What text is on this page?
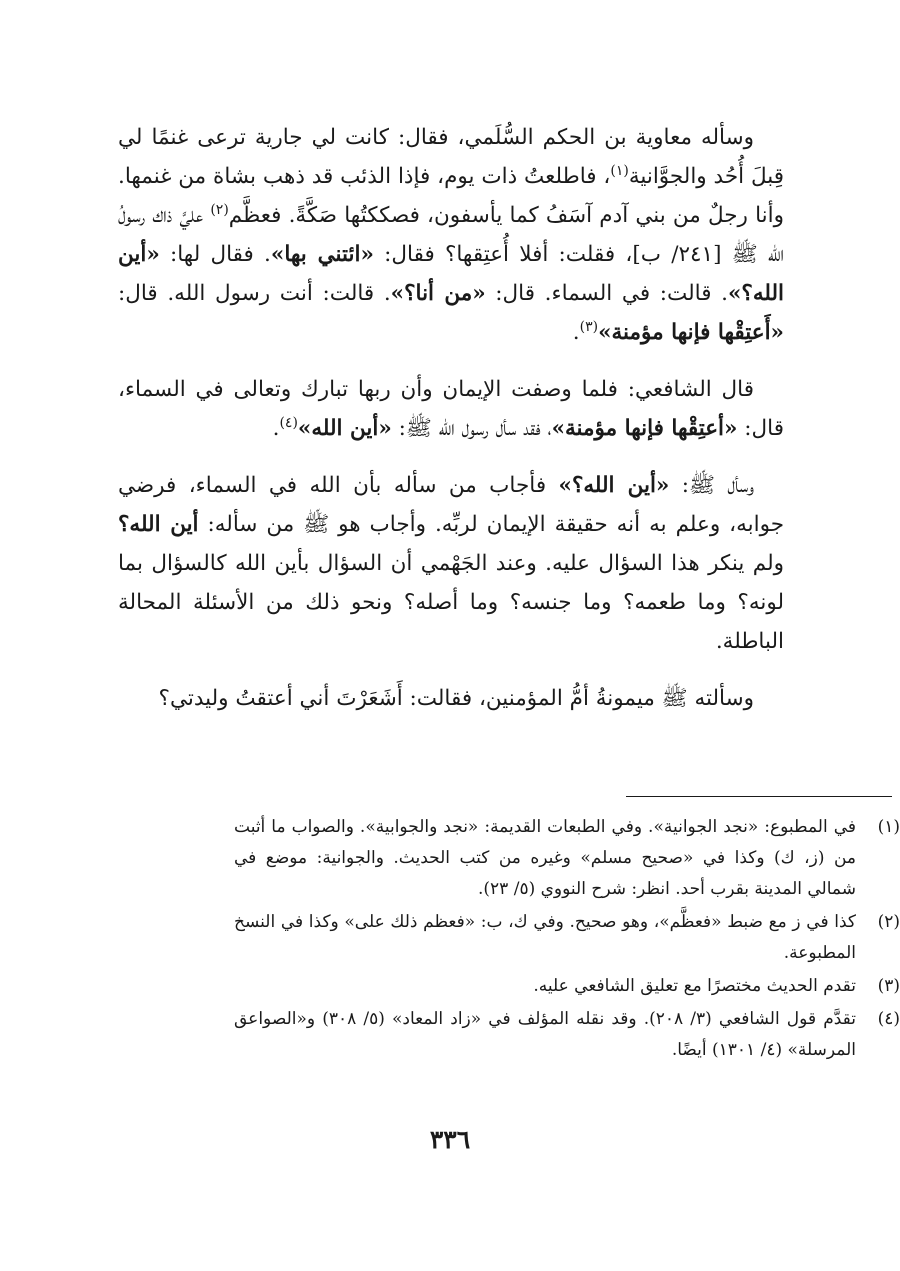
وسأله معاوية بن الحكم السُّلَمي، فقال: كانت لي جارية ترعى غنمًا لي قِبلَ أُحُد والجوَّانية$^{(١)}$، فاطلعتُ ذات يوم، فإذا الذئب قد ذهب بشاة من غنمها. وأنا رجلٌ من بني آدم آسَفُ كما يأسفون، فصككتُها صَكَّةً. فعظَّم$^{(٢)}$ عليَّ ذاك رسولُ الله ﷺ [٢٤١/ ب]، فقلت: أفلا أُعتِقها؟ فقال: «ائتني بها». فقال لها: «أين الله؟». قالت: في السماء. قال: «من أنا؟». قالت: أنت رسول الله. قال: «أَعتِقْها فإنها مؤمنة»$^{(٣)}$.

قال الشافعي: فلما وصفت الإيمان وأن ربها تبارك وتعالى في السماء، قال: «أعتِقْها فإنها مؤمنة»، فقد سأل رسول الله ﷺ: «أين الله»$^{(٤)}$.

وسأل ﷺ: «أين الله؟» فأجاب من سأله بأن الله في السماء، فرضي جوابه، وعلم به أنه حقيقة الإيمان لربِّه. وأجاب هو ﷺ من سأله: أين الله؟ ولم ينكر هذا السؤال عليه. وعند الجَهْمي أن السؤال بأين الله كالسؤال بما لونه؟ وما طعمه؟ وما جنسه؟ وما أصله؟ ونحو ذلك من الأسئلة المحالة الباطلة.

وسألته ﷺ ميمونةُ أمُّ المؤمنين، فقالت: أَشَعَرْتَ أني أعتقتُ وليدتي؟

(١)
في المطبوع: «نجد الجوانية». وفي الطبعات القديمة: «نجد والجوابية». والصواب ما أثبت من (ز، ك) وكذا في «صحيح مسلم» وغيره من كتب الحديث. والجوانية: موضع في شمالي المدينة بقرب أحد. انظر: شرح النووي (٥/ ٢٣).
(٢)
كذا في ز مع ضبط «فعظَّم»، وهو صحيح. وفي ك، ب: «فعظم ذلك على» وكذا في النسخ المطبوعة.
(٣)
تقدم الحديث مختصرًا مع تعليق الشافعي عليه.
(٤)
تقدَّم قول الشافعي (٣/ ٢٠٨). وقد نقله المؤلف في «زاد المعاد» (٥/ ٣٠٨) و«الصواعق المرسلة» (٤/ ١٣٠١) أيضًا.
٣٣٦
